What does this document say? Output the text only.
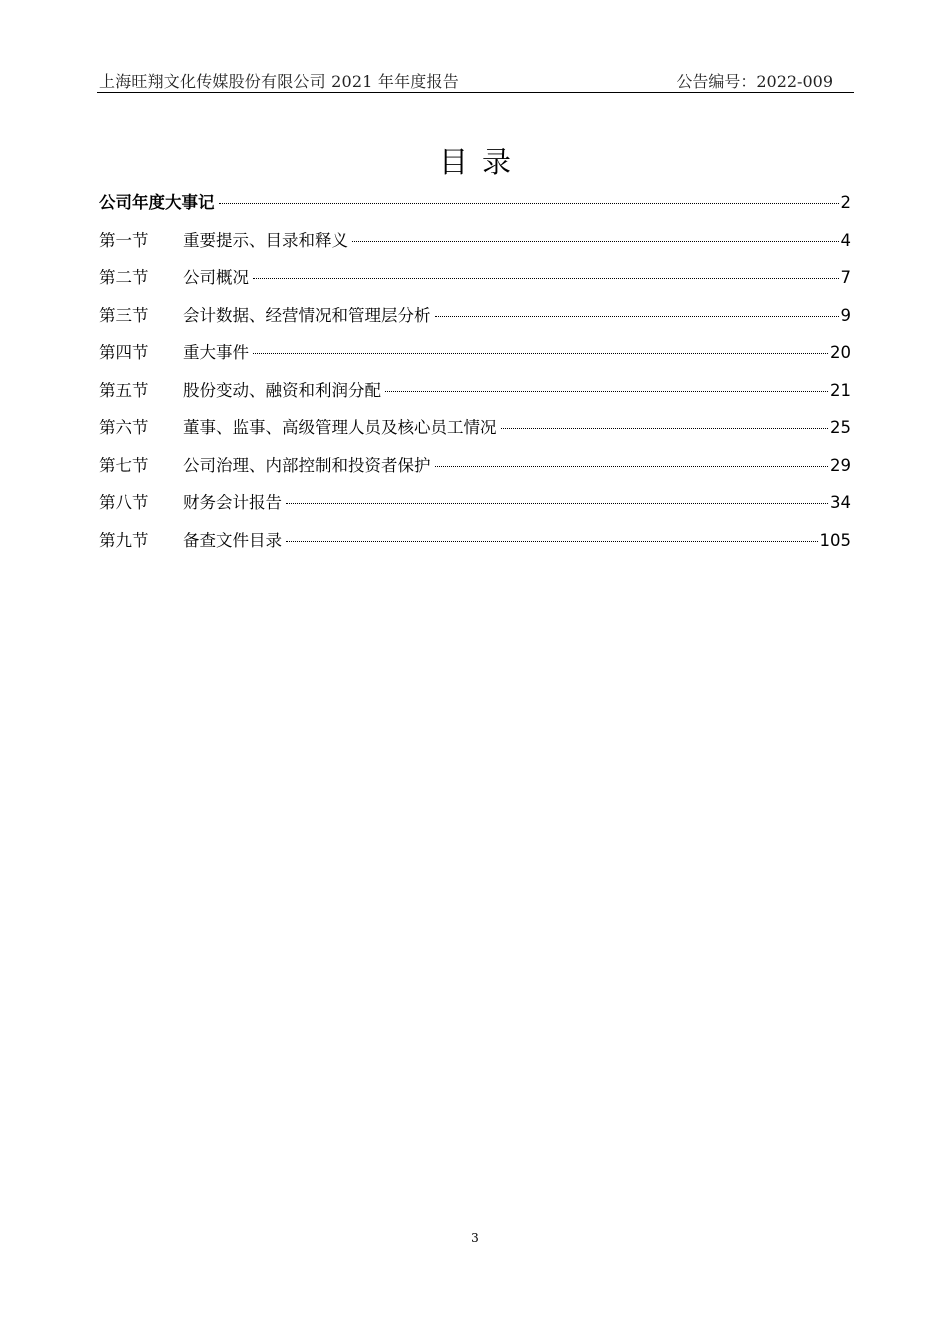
上海旺翔文化传媒股份有限公司 2021 年年度报告	公告编号：2022-009
目录
公司年度大事记	2
第一节	重要提示、目录和释义	4
第二节	公司概况	7
第三节	会计数据、经营情况和管理层分析	9
第四节	重大事件	20
第五节	股份变动、融资和利润分配	21
第六节	董事、监事、高级管理人员及核心员工情况	25
第七节	公司治理、内部控制和投资者保护	29
第八节	财务会计报告	34
第九节	备查文件目录	105
3
